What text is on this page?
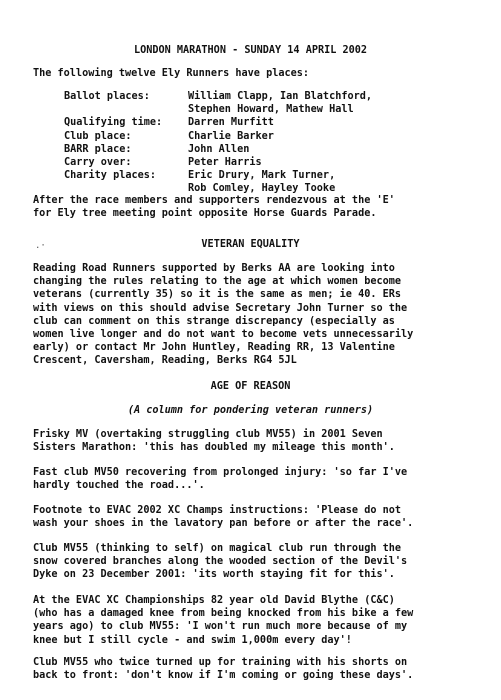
LONDON MARATHON - SUNDAY 14 APRIL 2002
The following twelve Ely Runners have places:
Ballot places:	William Clapp, Ian Blatchford,
Stephen Howard, Mathew Hall

Qualifying time:	Darren Murfitt

Club place:	Charlie Barker

BARR place:	John Allen

Carry over:	Peter Harris

Charity places:	Eric Drury, Mark Turner,
Rob Comley, Hayley Tooke
After the race members and supporters rendezvous at the 'E'
for Ely tree meeting point opposite Horse Guards Parade.
.·	VETERAN EQUALITY
Reading Road Runners supported by Berks AA are looking into
changing the rules relating to the age at which women become
veterans (currently 35) so it is the same as men; ie 40. ERs
with views on this should advise Secretary John Turner so the
club can comment on this strange discrepancy (especially as
women live longer and do not want to become vets unnecessarily
early) or contact Mr John Huntley, Reading RR, 13 Valentine
Crescent, Caversham, Reading, Berks RG4 5JL
AGE OF REASON
(A column for pondering veteran runners)
Frisky MV (overtaking struggling club MV55) in 2001 Seven
Sisters Marathon: 'this has doubled my mileage this month'.
Fast club MV50 recovering from prolonged injury: 'so far I've
hardly touched the road...'.
Footnote to EVAC 2002 XC Champs instructions: 'Please do not
wash your shoes in the lavatory pan before or after the race'.
Club MV55 (thinking to self) on magical club run through the
snow covered branches along the wooded section of the Devil's
Dyke on 23 December 2001: 'its worth staying fit for this'.
At the EVAC XC Championships 82 year old David Blythe (C&C)
(who has a damaged knee from being knocked from his bike a few
years ago) to club MV55: 'I won't run much more because of my
knee but I still cycle - and swim 1,000m every day'!
Club MV55 who twice turned up for training with his shorts on
back to front: 'don't know if I'm coming or going these days'.
